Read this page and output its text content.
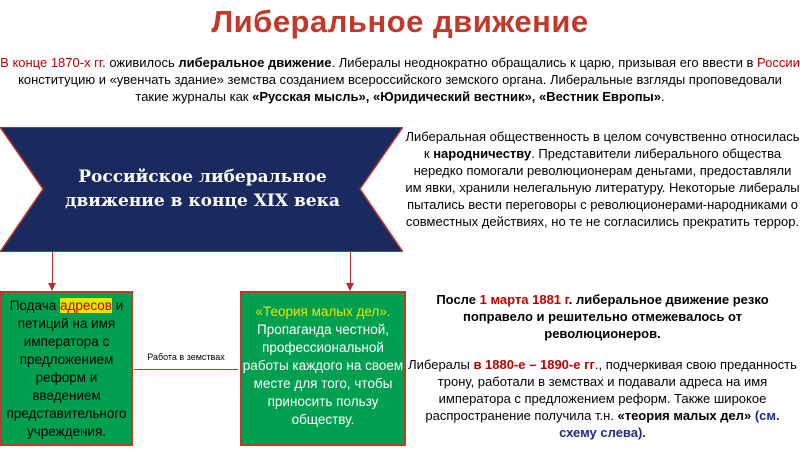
Либеральное движение
В конце 1870-х гг. оживилось либеральное движение. Либералы неоднократно обращались к царю, призывая его ввести в России конституцию и «увенчать здание» земства созданием всероссийского земского органа. Либеральные взгляды проповедовали такие журналы как «Русская мысль», «Юридический вестник», «Вестник Европы».
Российское либеральное
движение в конце XIX века
Подача адресов и петиций на имя императора с предложением реформ и введением представительного учреждения.
Работа в земствах
«Теория малых дел». Пропаганда честной, профессиональной работы каждого на своем месте для того, чтобы приносить пользу обществу.
Либеральная общественность в целом сочувственно относилась к народничеству. Представители либерального общества нередко помогали революционерам деньгами, предоставляли им явки, хранили нелегальную литературу. Некоторые либералы пытались вести переговоры с революционерами-народниками о совместных действиях, но те не согласились прекратить террор.
После 1 марта 1881 г. либеральное движение резко поправело и решительно отмежевалось от революционеров.
Либералы в 1880-е – 1890-е гг., подчеркивая свою преданность трону, работали в земствах и подавали адреса на имя императора с предложением реформ. Также широкое распространение получила т.н. «теория малых дел» (см. схему слева).
